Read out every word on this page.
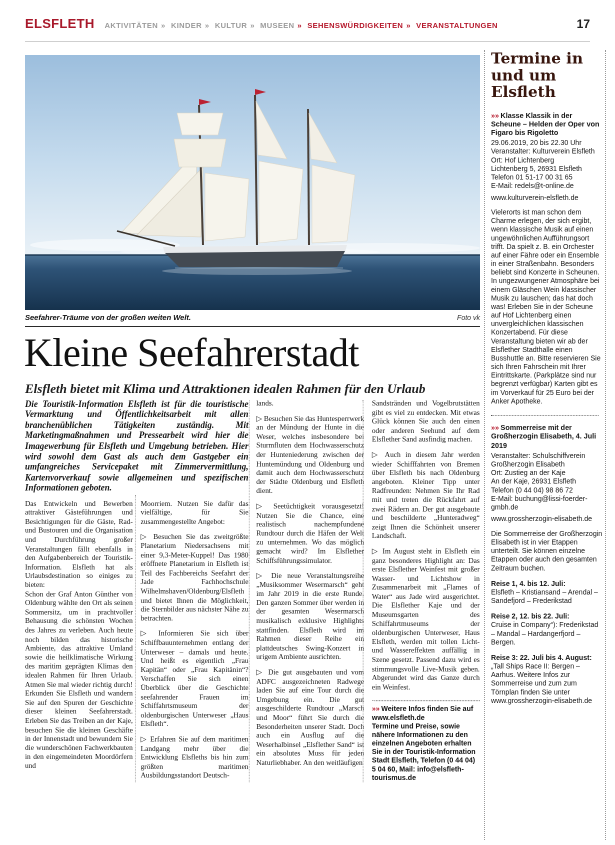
ELSFLETH AKTIVITÄTEN » KINDER » KULTUR » MUSEEN » SEHENSWÜRDIGKEITEN » VERANSTALTUNGEN	17
Seefahrer-Träume von der großen weiten Welt.	Foto vk
Kleine Seefahrerstadt
Elsfleth bietet mit Klima und Attraktionen idealen Rahmen für den Urlaub
Die Touristik-Information Elsfleth ist für die touristische Vermarktung und Öffentlichkeitsarbeit mit allen branchenüblichen Tätigkeiten zuständig. Mit Marketingmaßnahmen und Pressearbeit wird hier die Imagewerbung für Elsfleth und Umgebung betrieben. Hier wird sowohl dem Gast als auch dem Gastgeber ein umfangreiches Servicepaket mit Zimmervermittlung, Kartenvorverkauf sowie allgemeinen und spezifischen Informationen geboten.

Das Entwickeln und Bewerben attraktiver Gästeführungen und Besichtigungen für die Gäste, Rad- und Bustouren und die Organisation und Durchführung großer Veranstaltungen fällt ebenfalls in den Aufgabenbereich der Touristik-Information. Elsfleth hat als Urlaubsdestination so einiges zu bieten:

Schon der Graf Anton Günther von Oldenburg wählte den Ort als seinen Sommersitz, um in prachtvoller Behausung die schönsten Wochen des Jahres zu verleben. Auch heute noch bilden das historische Ambiente, das attraktive Umland sowie die heilklimatische Wirkung des maritim geprägten Klimas den idealen Rahmen für Ihren Urlaub. Atmen Sie mal wieder richtig durch! Erkunden Sie Elsfleth und wandern Sie auf den Spuren der Geschichte dieser kleinen Seefahrerstadt. Erleben Sie das Treiben an der Kaje, besuchen Sie die kleinen Geschäfte in der Innenstadt und bewundern Sie die wunderschönen Fachwerkbauten in den eingemeindeten Moordörfern und

Moorriem. Nutzen Sie dafür das vielfältige, für Sie zusammengestellte Angebot:

▷ Besuchen Sie das zweitgrößte Planetarium Niedersachsens mit einer 9,3-Meter-Kuppel! Das 1980 eröffnete Planetarium in Elsfleth ist Teil des Fachbereichs Seefahrt der Jade Fachhochschule Wilhelmshaven/Oldenburg/Elsfleth und bietet Ihnen die Möglichkeit, die Sternbilder aus nächster Nähe zu betrachten.

▷ Informieren Sie sich über Schiffbauunternehmen entlang der Unterweser – damals und heute. Und heißt es eigentlich „Frau Kapitän“ oder „Frau Kapitänin“? Verschaffen Sie sich einen Überblick über die Geschichte seefahrender Frauen im Schiffahrtsmuseum der oldenburgischen Unterweser „Haus Elsfleth“.

▷ Erfahren Sie auf dem maritimen Landgang mehr über die Entwicklung Elsfleths bis hin zum größten maritimen Ausbildungsstandort Deutsch-

lands.

▷ Besuchen Sie das Huntesperrwerk an der Mündung der Hunte in die Weser, welches insbesondere bei Sturmfluten dem Hochwasserschutz der Hunteniederung zwischen der Huntemündung und Oldenburg und damit auch dem Hochwasserschutz der Städte Oldenburg und Elsfleth dient.

▷ Seetüchtigkeit vorausgesetzt! Nutzen Sie die Chance, eine realistisch nachempfundene Rundtour durch die Häfen der Welt zu unternehmen. Wo das möglich gemacht wird? Im Elsflether Schiffsführungssimulator.

▷ Die neue Veranstaltungsreihe „Musiksommer Wesermarsch“ geht im Jahr 2019 in die erste Runde. Den ganzen Sommer über werden in der gesamten Wesermarsch musikalisch exklusive Highlights stattfinden. Elsfleth wird im Rahmen dieser Reihe ein plattdeutsches Swing-Konzert in urigem Ambiente ausrichten.

▷ Die gut ausgebauten und vom ADFC ausgezeichneten Radwege laden Sie auf eine Tour durch die Umgebung ein. Die gut ausgeschilderte Rundtour „Marsch und Moor“ führt Sie durch die Besonderheiten unserer Stadt. Doch auch ein Ausflug auf die Weserhalbinsel „Elsflether Sand“ ist ein absolutes Muss für jeden Naturliebhaber. An den weitläufigen

Sandstränden und Vogelbrutstätten gibt es viel zu entdecken. Mit etwas Glück können Sie auch den einen oder anderen Seehund auf dem Elsflether Sand ausfindig machen.

▷ Auch in diesem Jahr werden wieder Schifffahrten von Bremen über Elsfleth bis nach Oldenburg angeboten. Kleiner Tipp unter Radfreunden: Nehmen Sie Ihr Rad mit und treten die Rückfahrt auf zwei Rädern an. Der gut ausgebaute und beschilderte „Hunteradweg“ zeigt Ihnen die Schönheit unserer Landschaft.

▷ Im August steht in Elsfleth ein ganz besonderes Highlight an: Das erste Elsflether Weinfest mit großer Wasser- und Lichtshow in Zusammenarbeit mit „Flames of Water“ aus Jade wird ausgerichtet. Die Elsflether Kaje und der Museumsgarten des Schiffahrtmuseums der oldenburgischen Unterweser, Haus Elsfleth, werden mit tollen Licht- und Wassereffekten auffällig in Szene gesetzt. Passend dazu wird es stimmungsvolle Live-Musik geben. Abgerundet wird das Ganze durch ein Weinfest.

»» Weitere Infos finden Sie auf www.elsfleth.de
Termine und Preise, sowie nähere Informationen zu den einzelnen Angeboten erhalten Sie in der Touristik-Information Stadt Elsfleth, Telefon (0 44 04) 5 04 60, Mail: info@elsfleth-tourismus.de
Termine in und um Elsfleth

»» Klasse Klassik in der Scheune – Helden der Oper von Figaro bis Rigoletto

29.06.2019, 20 bis 22.30 Uhr
Veranstalter: Kulturverein Elsfleth
Ort: Hof Lichtenberg
Lichtenberg 5, 26931 Elsfleth
Telefon 01 51-17 00 31 65
E-Mail: redels@t-online.de
www.kulturverein-elsfleth.de

Vielerorts ist man schon dem Charme erlegen, der sich ergibt, wenn klassische Musik auf einen ungewöhnlichen Aufführungsort trifft. Da spielt z. B. ein Orchester auf einer Fähre oder ein Ensemble in einer Straßenbahn. Besonders beliebt sind Konzerte in Scheunen. In ungezwungener Atmosphäre bei einem Gläschen Wein klassischer Musik zu lauschen; das hat doch was! Erleben Sie in der Scheune auf Hof Lichtenberg einen unvergleichlichen klassischen Konzertabend. Für diese Veranstaltung bieten wir ab der Elsflether Stadthalle einen Busshuttle an. Bitte reservieren Sie sich Ihren Fahrschein mit Ihrer Eintrittskarte. (Parkplätze sind nur begrenzt verfügbar) Karten gibt es im Vorverkauf für 25 Euro bei der Anker Apotheke.

»» Sommerreise mit der Großherzogin Elisabeth, 4. Juli 2019

Veranstalter: Schulschiffverein Großherzogin Elisabeth
Ort: Zustieg an der Kaje
An der Kaje, 26931 Elsfleth
Telefon (0 44 04) 98 86 72
E-Mail: buchung@lissi-foerder-gmbh.de
www.grossherzogin-elisabeth.de

Die Sommerreise der Großherzogin Elisabeth ist in vier Etappen unterteilt. Sie können einzelne Etappen oder auch den gesamten Zeitraum buchen.

Reise 1, 4. bis 12. Juli:
Elsfleth – Kristiansand – Arendal – Sandefjord – Frederikstad
Reise 2, 12. bis 22. Juli:
Cruise in Company“): Frederikstad – Mandal – Hardangerfjord – Bergen.
Reise 3: 22. Juli bis 4. August:
„Tall Ships Race II: Bergen – Aarhus. Weitere Infos zur Sommerreise und zum zum Törnplan finden Sie unter www.grossherzogin-elisabeth.de
